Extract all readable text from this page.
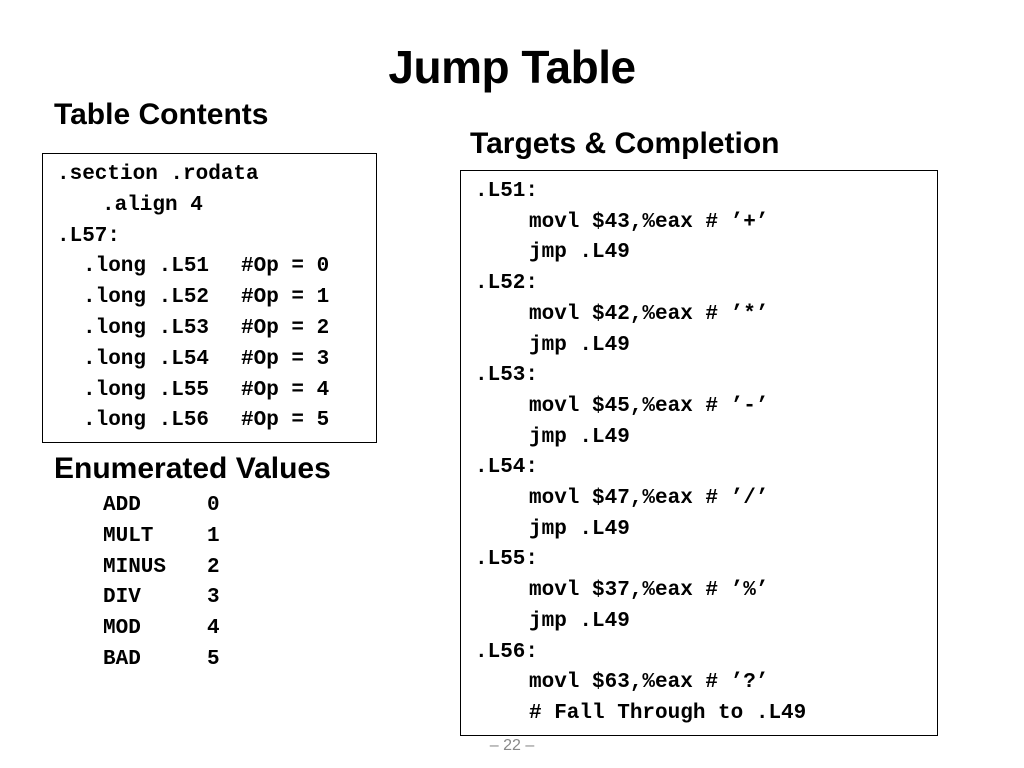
Jump Table
Table Contents
Targets & Completion
Enumerated Values
.section .rodata
.align 4
.L57:
.long .L51	#Op = 0
.long .L52	#Op = 1
.long .L53	#Op = 2
.long .L54	#Op = 3
.long .L55	#Op = 4
.long .L56	#Op = 5
ADD	0
MULT	1
MINUS	2
DIV	3
MOD	4
BAD	5
.L51:
movl $43,%eax # ’+’
jmp .L49
.L52:
movl $42,%eax # ’*’
jmp .L49
.L53:
movl $45,%eax # ’-’
jmp .L49
.L54:
movl $47,%eax # ’/’
jmp .L49
.L55:
movl $37,%eax # ’%’
jmp .L49
.L56:
movl $63,%eax # ’?’
# Fall Through to .L49
– 22 –
